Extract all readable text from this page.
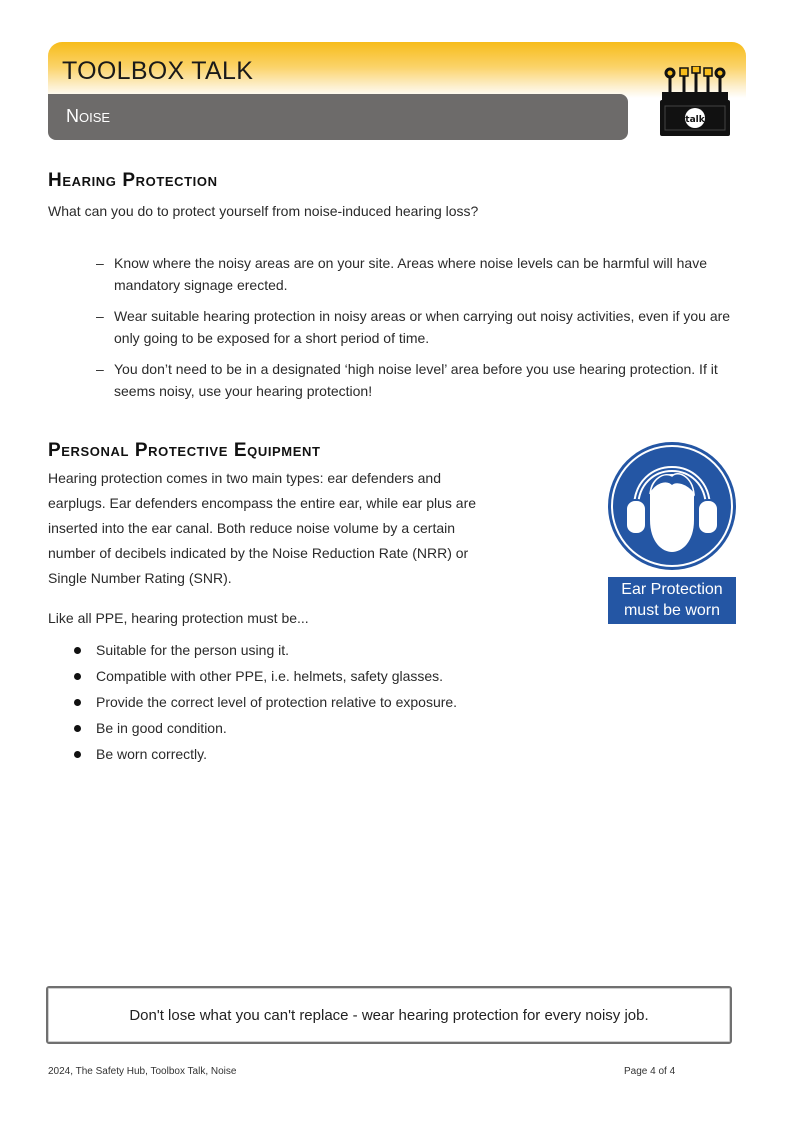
TOOLBOX TALK
Noise	talk
Hearing Protection

What can you do to protect yourself from noise-induced hearing loss?

– Know where the noisy areas are on your site. Areas where noise levels can be harmful will have mandatory signage erected.
– Wear suitable hearing protection in noisy areas or when carrying out noisy activities, even if you are only going to be exposed for a short period of time.
– You don’t need to be in a designated ‘high noise level’ area before you use hearing protection. If it seems noisy, use your hearing protection!
Personal Protective Equipment
Hearing protection comes in two main types: ear defenders and
earplugs. Ear defenders encompass the entire ear, while ear plus are
inserted into the ear canal. Both reduce noise volume by a certain
number of decibels indicated by the Noise Reduction Rate (NRR) or
Single Number Rating (SNR).

Like all PPE, hearing protection must be...

Suitable for the person using it.
Compatible with other PPE, i.e. helmets, safety glasses.
Provide the correct level of protection relative to exposure.
Be in good condition.
Be worn correctly.
Ear Protection
must be worn
Don't lose what you can't replace - wear hearing protection for every noisy job.
2024, The Safety Hub, Toolbox Talk, Noise	Page 4 of 4
